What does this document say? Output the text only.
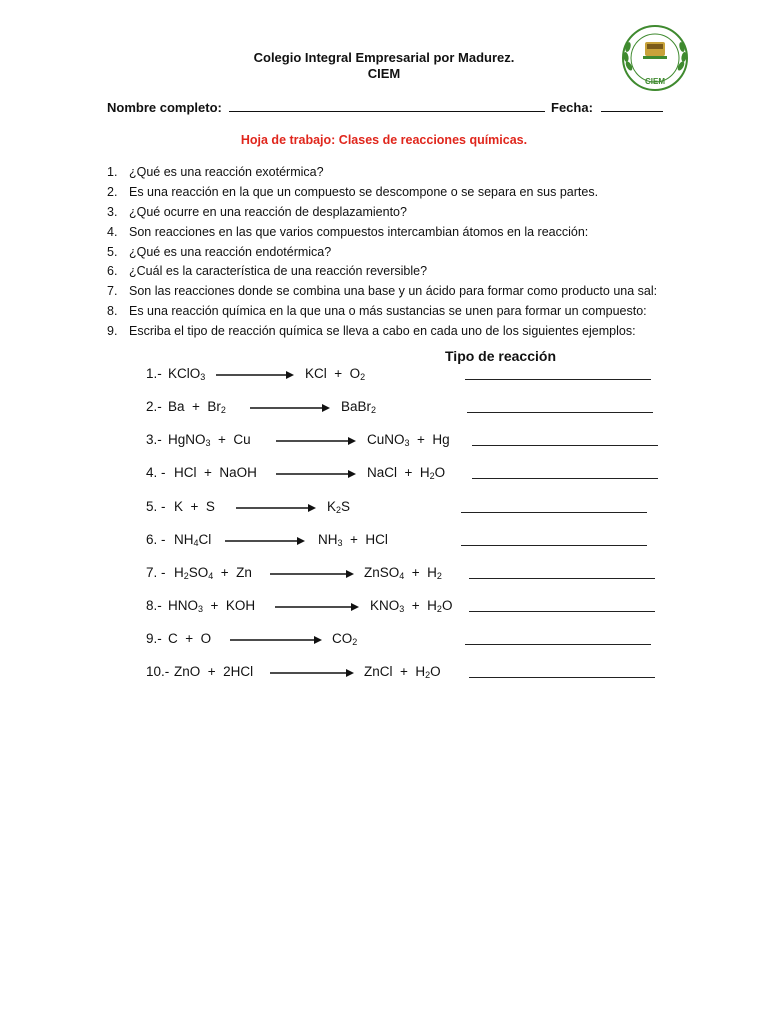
Colegio Integral Empresarial por Madurez.
CIEM
CIEM
Nombre completo:	Fecha:
Hoja de trabajo: Clases de reacciones químicas.
1. ¿Qué es una reacción exotérmica?
2. Es una reacción en la que un compuesto se descompone o se separa en sus partes.
3. ¿Qué ocurre en una reacción de desplazamiento?
4. Son reacciones en las que varios compuestos intercambian átomos en la reacción:
5. ¿Qué es una reacción endotérmica?
6. ¿Cuál es la característica de una reacción reversible?
7. Son las reacciones donde se combina una base y un ácido para formar como producto una sal:
8. Es una reacción química en la que una o más sustancias se unen para formar un compuesto:
9. Escriba el tipo de reacción química se lleva a cabo en cada uno de los siguientes ejemplos:
Tipo de reacción
1.- KClO$_3$	KCl  +  $O_2$
2.- $Ba + Br_2$	BaBr$_2$
3.- HgNO$_3$  +  Cu	CuNO$_3$  +  Hg
4. - HCl  +  NaOH	NaCl  +  $H_2O$
5. - K  +  S	$K_2S$
6. - $NH_4Cl$	$NH_3$  +  HCl
7. - $H_2SO_4 + Zn$	ZnSO$_4$  +  $H_2$
8.- $HNO_3$  +  KOH	$KNO_3 + H_2O$
9.- C  +  O	$CO_2$
10.- ZnO  +  2HCl	ZnCl  +  $H_2O$
